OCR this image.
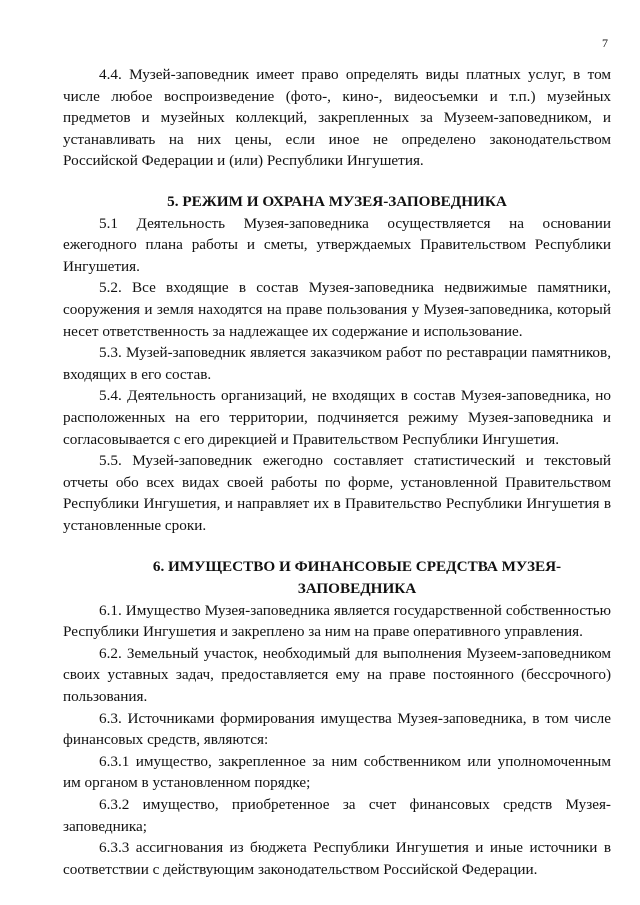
7

4.4. Музей-заповедник имеет право определять виды платных услуг, в том числе любое воспроизведение (фото-, кино-, видеосъемки и т.п.) музейных предметов и музейных коллекций, закрепленных за Музеем-заповедником, и устанавливать на них цены, если иное не определено законодательством Российской Федерации и (или) Республики Ингушетия.

5. РЕЖИМ И ОХРАНА МУЗЕЯ-ЗАПОВЕДНИКА

5.1 Деятельность Музея-заповедника осуществляется на основании ежегодного плана работы и сметы, утверждаемых Правительством Республики Ингушетия.

5.2. Все входящие в состав Музея-заповедника недвижимые памятники, сооружения и земля находятся на праве пользования у Музея-заповедника, который несет ответственность за надлежащее их содержание и использование.

5.3. Музей-заповедник является заказчиком работ по реставрации памятников, входящих в его состав.

5.4. Деятельность организаций, не входящих в состав Музея-заповедника, но расположенных на его территории, подчиняется режиму Музея-заповедника и согласовывается с его дирекцией и Правительством Республики Ингушетия.

5.5. Музей-заповедник ежегодно составляет статистический и текстовый отчеты обо всех видах своей работы по форме, установленной Правительством Республики Ингушетия, и направляет их в Правительство Республики Ингушетия в установленные сроки.

6. ИМУЩЕСТВО И ФИНАНСОВЫЕ СРЕДСТВА МУЗЕЯ-ЗАПОВЕДНИКА

6.1. Имущество Музея-заповедника является государственной собственностью Республики Ингушетия и закреплено за ним на праве оперативного управления.

6.2. Земельный участок, необходимый для выполнения Музеем-заповедником своих уставных задач, предоставляется ему на праве постоянного (бессрочного) пользования.

6.3. Источниками формирования имущества Музея-заповедника, в том числе финансовых средств, являются:

6.3.1 имущество, закрепленное за ним собственником или уполномоченным им органом в установленном порядке;

6.3.2 имущество, приобретенное за счет финансовых средств Музея-заповедника;

6.3.3 ассигнования из бюджета Республики Ингушетия и иные источники в соответствии с действующим законодательством Российской Федерации.
